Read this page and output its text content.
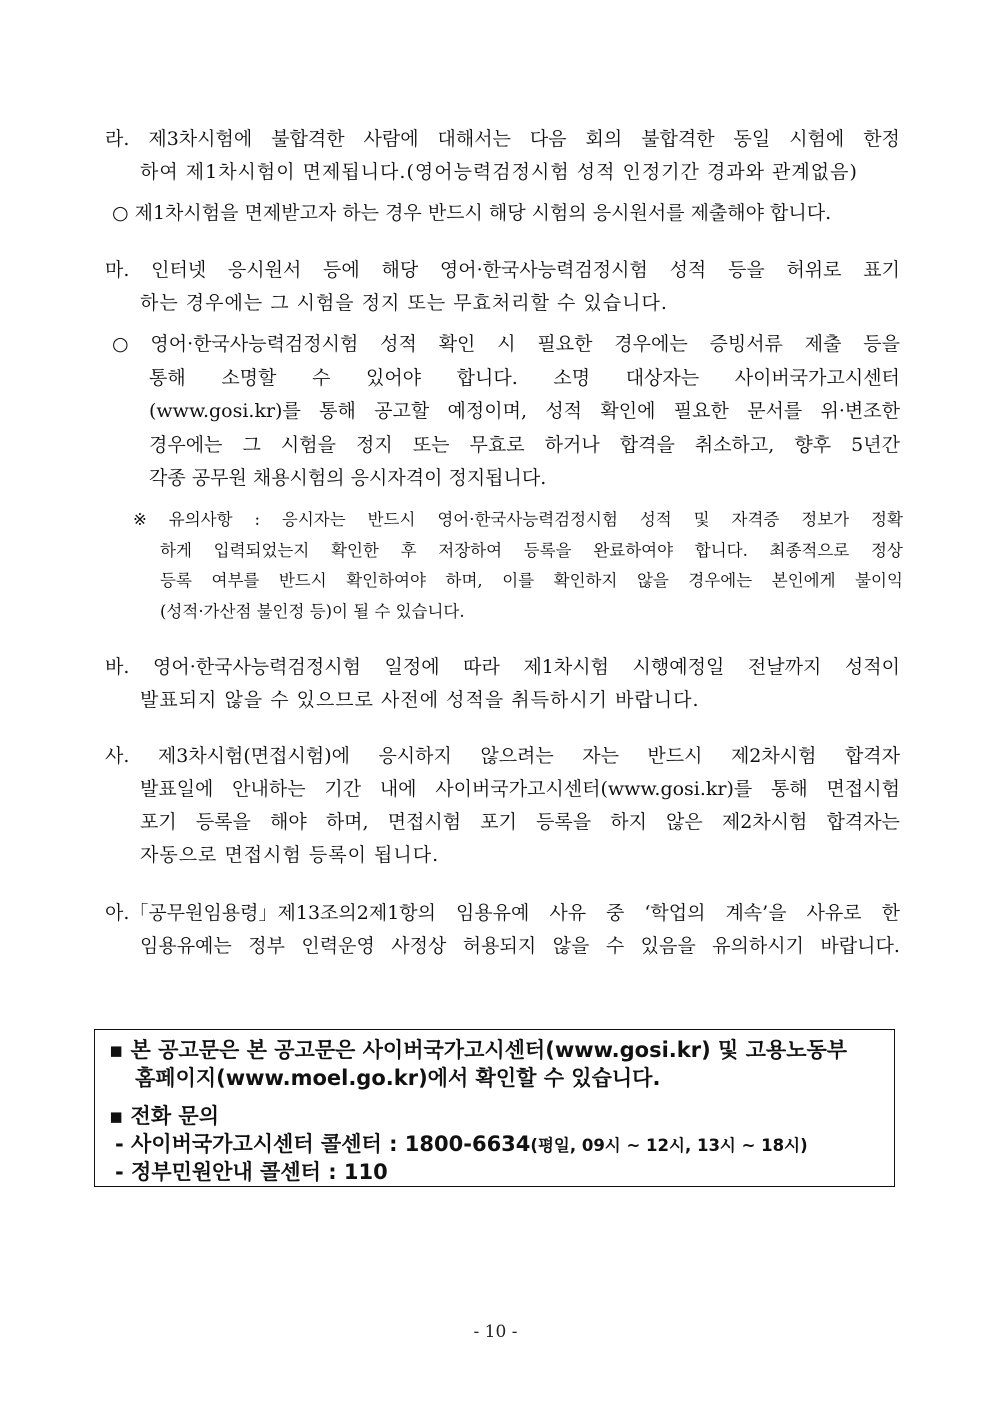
라. 제3차시험에 불합격한 사람에 대해서는 다음 회의 불합격한 동일 시험에 한정
하여 제1차시험이 면제됩니다.(영어능력검정시험 성적 인정기간 경과와 관계없음)
○ 제1차시험을 면제받고자 하는 경우 반드시 해당 시험의 응시원서를 제출해야 합니다.
마. 인터넷 응시원서 등에 해당 영어·한국사능력검정시험 성적 등을 허위로 표기
하는 경우에는 그 시험을 정지 또는 무효처리할 수 있습니다.
○ 영어·한국사능력검정시험 성적 확인 시 필요한 경우에는 증빙서류 제출 등을
통해 소명할 수 있어야 합니다. 소명 대상자는 사이버국가고시센터
(www.gosi.kr)를 통해 공고할 예정이며, 성적 확인에 필요한 문서를 위·변조한
경우에는 그 시험을 정지 또는 무효로 하거나 합격을 취소하고, 향후 5년간
각종 공무원 채용시험의 응시자격이 정지됩니다.
※ 유의사항 : 응시자는 반드시 영어·한국사능력검정시험 성적 및 자격증 정보가 정확
하게 입력되었는지 확인한 후 저장하여 등록을 완료하여야 합니다. 최종적으로 정상
등록 여부를 반드시 확인하여야 하며, 이를 확인하지 않을 경우에는 본인에게 불이익
(성적·가산점 불인정 등)이 될 수 있습니다.
바. 영어·한국사능력검정시험 일정에 따라 제1차시험 시행예정일 전날까지 성적이
발표되지 않을 수 있으므로 사전에 성적을 취득하시기 바랍니다.
사. 제3차시험(면접시험)에 응시하지 않으려는 자는 반드시 제2차시험 합격자
발표일에 안내하는 기간 내에 사이버국가고시센터(www.gosi.kr)를 통해 면접시험
포기 등록을 해야 하며, 면접시험 포기 등록을 하지 않은 제2차시험 합격자는
자동으로 면접시험 등록이 됩니다.
아.「공무원임용령」제13조의2제1항의 임용유예 사유 중 ‘학업의 계속’을 사유로 한
임용유예는 정부 인력운영 사정상 허용되지 않을 수 있음을 유의하시기 바랍니다.
▪ 본 공고문은 본 공고문은 사이버국가고시센터(www.gosi.kr) 및 고용노동부
홈페이지(www.moel.go.kr)에서 확인할 수 있습니다.
▪ 전화 문의
- 사이버국가고시센터 콜센터 : 1800-6634(평일, 09시 ~ 12시, 13시 ~ 18시)
- 정부민원안내 콜센터 : 110
- 10 -
